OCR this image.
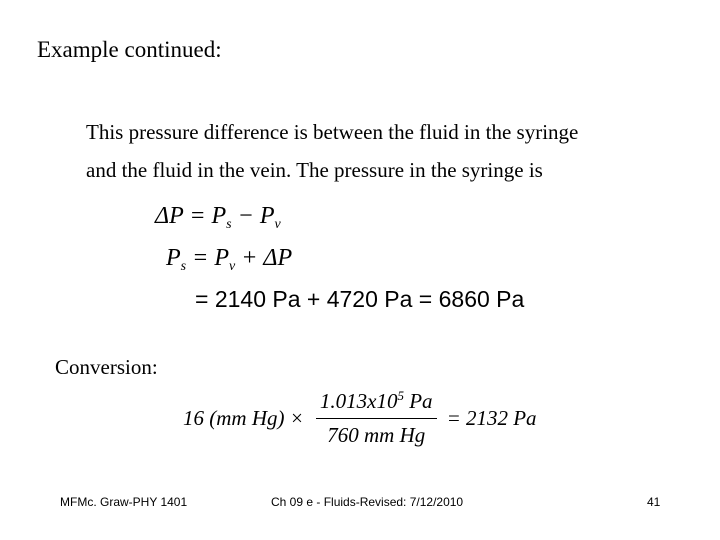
Example continued:
This pressure difference is between the fluid in the syringe
and the fluid in the vein. The pressure in the syringe is
$\Delta P = P_s - P_v$
$P_s = P_v + \Delta P$
= 2140 Pa + 4720 Pa = 6860 Pa
Conversion:
16 (mm $Hg) \times \frac{1.013x10^5 Pa}{\text{760 mm Hg}} = 2132$ Pa
MFMc. Graw-PHY 1401	Ch 09 e - Fluids-Revised: 7/12/2010	41
